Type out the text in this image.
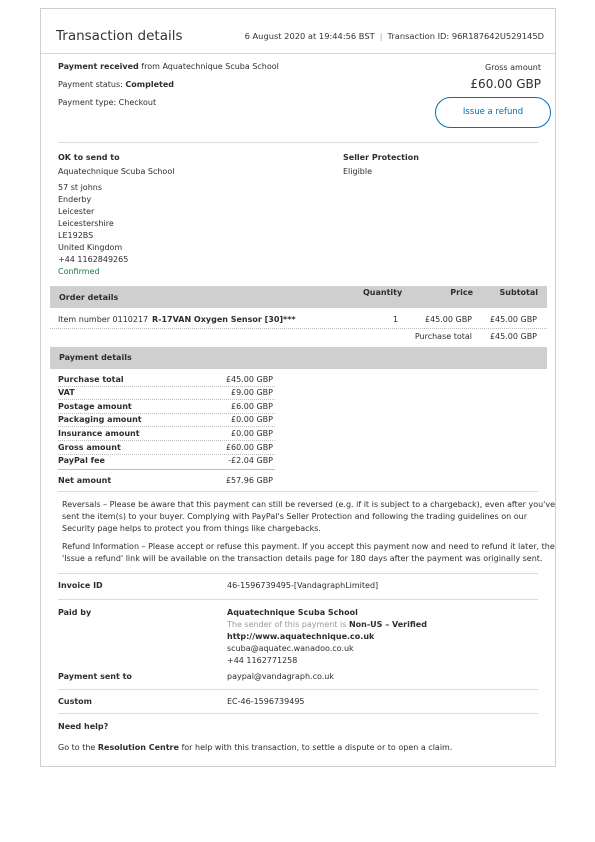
Transaction details	6 August 2020 at 19:44:56 BST | Transaction ID: 96R187642U529145D
Payment received from Aquatechnique Scuba School
Payment status: Completed
Payment type: Checkout
Gross amount
£60.00 GBP
Issue a refund
OK to send to
Aquatechnique Scuba School
57 st johns
Enderby
Leicester
Leicestershire
LE192BS
United Kingdom
+44 1162849265
Confirmed
Seller Protection
Eligible
Order details
Quantity	Price	Subtotal
Item number 0110217 R-17VAN Oxygen Sensor [30]***	1	£45.00 GBP £45.00 GBP
Purchase total £45.00 GBP
Payment details
Purchase total	£45.00 GBP
VAT	£9.00 GBP
Postage amount	£6.00 GBP
Packaging amount	£0.00 GBP
Insurance amount	£0.00 GBP
Gross amount	£60.00 GBP
PayPal fee	-£2.04 GBP
Net amount	£57.96 GBP
Reversals – Please be aware that this payment can still be reversed (e.g. if it is subject to a chargeback), even after you've
sent the item(s) to your buyer. Complying with PayPal's Seller Protection and following the trading guidelines on our
Security page helps to protect you from things like chargebacks.
Refund Information – Please accept or refuse this payment. If you accept this payment now and need to refund it later, the
'Issue a refund' link will be available on the transaction details page for 180 days after the payment was originally sent.
Invoice ID	46-1596739495-[VandagraphLimited]
Paid by	Aquatechnique Scuba School
The sender of this payment is Non-US – Verified
http://www.aquatechnique.co.uk
scuba@aquatec.wanadoo.co.uk
+44 1162771258
Payment sent to	paypal@vandagraph.co.uk
Custom	EC-46-1596739495
Need help?
Go to the Resolution Centre for help with this transaction, to settle a dispute or to open a claim.
